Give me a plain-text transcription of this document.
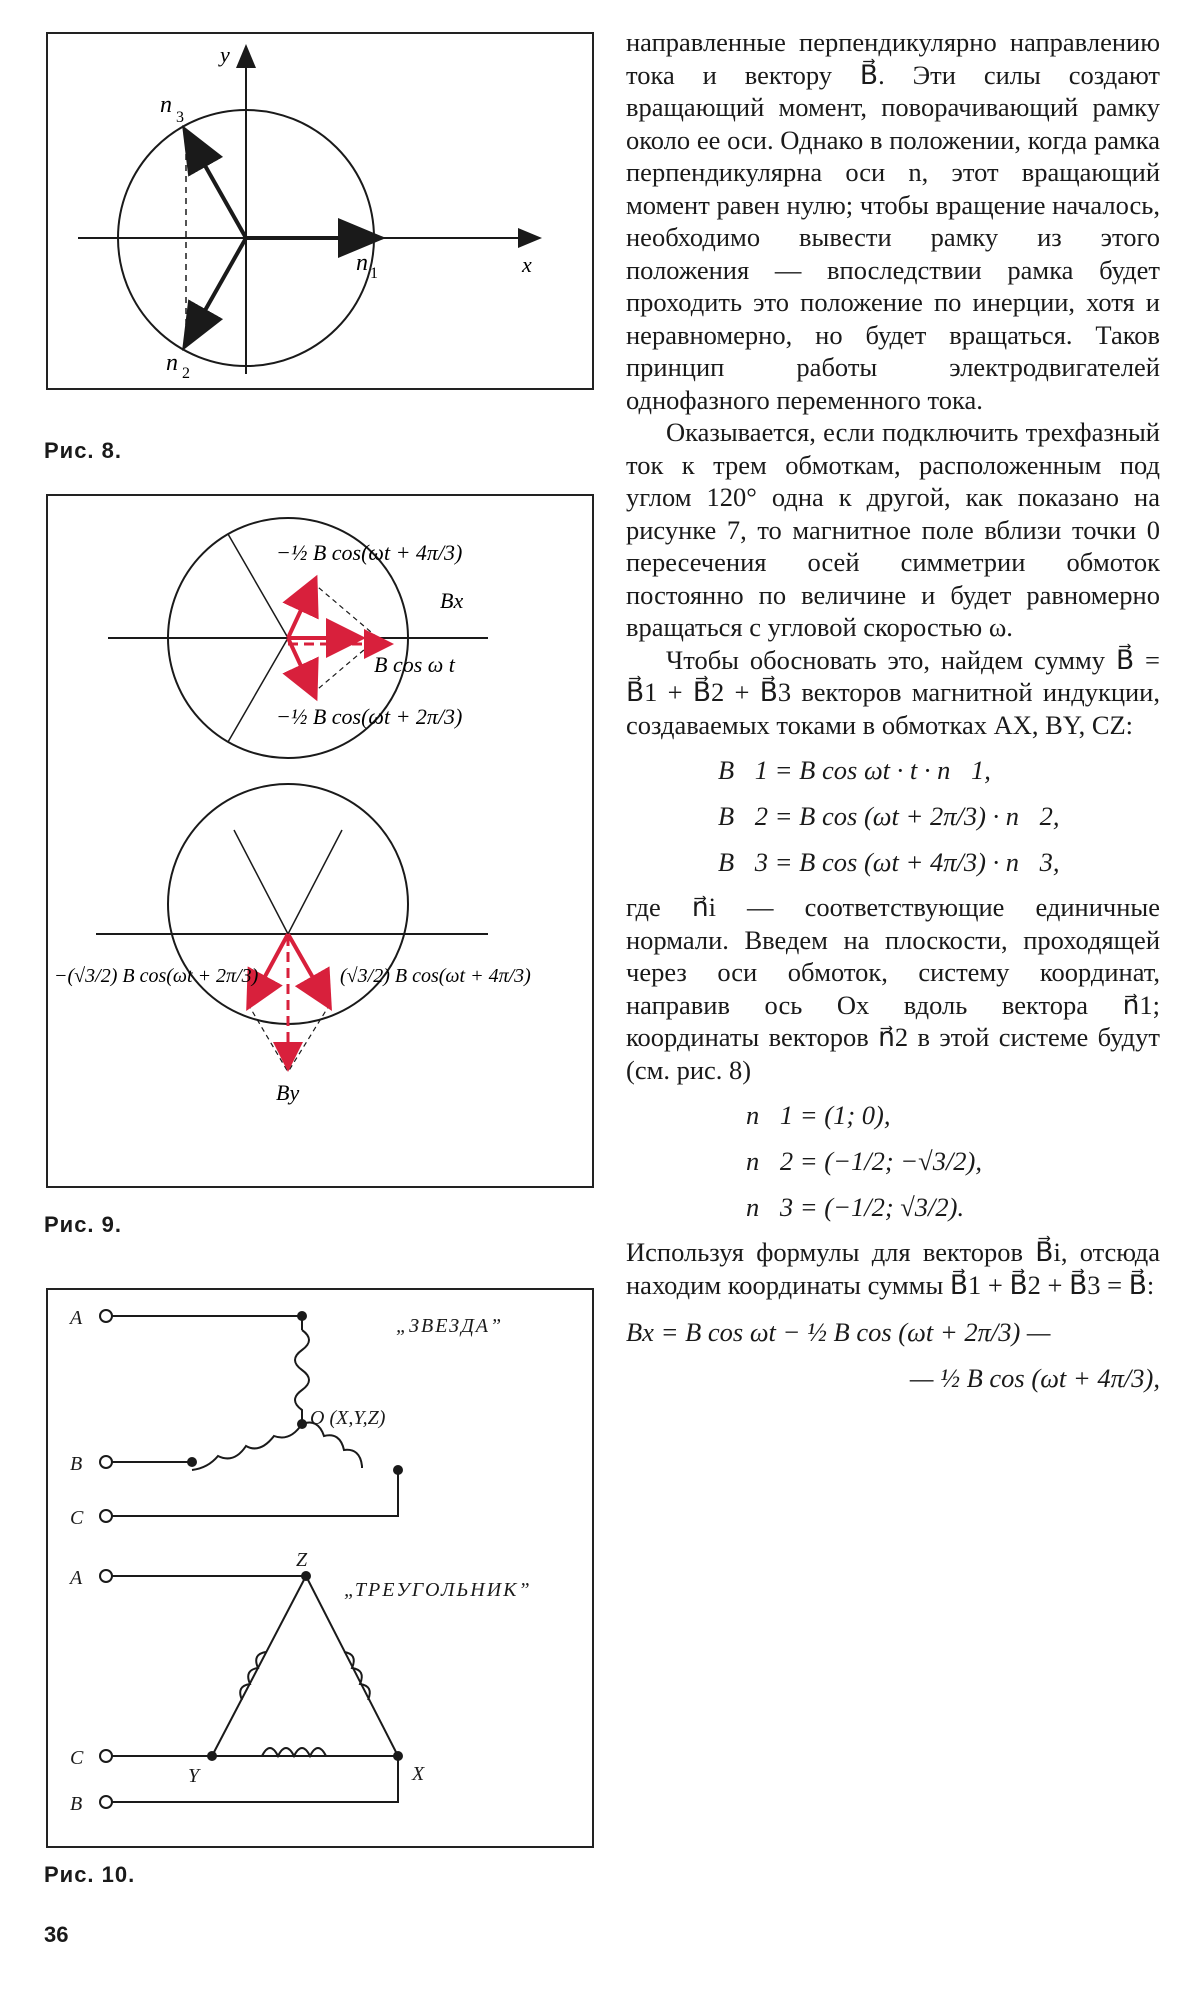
y
x
n 3
n 1
n 2
Рис. 8.
−½ B cos(ωt + 4π/3)
Bx
B cos ω t
−½ B cos(ωt + 2π/3)
−(√3/2) B cos(ωt + 2π/3)	(√3/2) B cos(ωt + 4π/3)
By
Рис. 9.
A
B
C
O (X,Y,Z)
„ЗВЕЗДА”
A
C
B
Z
Y	X
„ТРЕУГОЛЬНИК”
Рис. 10.
36

направленные перпендикулярно направлению тока и вектору B⃗. Эти силы создают вращающий момент, поворачивающий рамку около ее оси. Однако в положении, когда рамка перпендикулярна оси n, этот вращающий момент равен нулю; чтобы вращение началось, необходимо вывести рамку из этого положения — впоследствии рамка будет проходить это положение по инерции, хотя и неравномерно, но будет вращаться. Таков принцип работы электродвигателей однофазного переменного тока.

Оказывается, если подключить трехфазный ток к трем обмоткам, расположенным под углом 120° одна к другой, как показано на рисунке 7, то магнитное поле вблизи точки 0 пересечения осей симметрии обмоток постоянно по величине и будет равномерно вращаться с угловой скоростью ω.

Чтобы обосновать это, найдем сумму B⃗ = B⃗1 + B⃗2 + B⃗3 векторов магнитной индукции, создаваемых токами в обмотках AX, BY, CZ:

B⃗1 = B cos ωt · t · n⃗1,
B⃗2 = B cos (ωt + 2π/3) · n⃗2,
B⃗3 = B cos (ωt + 4π/3) · n⃗3,

где n⃗i — соответствующие единичные нормали. Введем на плоскости, проходящей через оси обмоток, систему координат, направив ось Ox вдоль вектора n⃗1; координаты векторов n⃗2 в этой системе будут (см. рис. 8)

n⃗1 = (1; 0),
n⃗2 = (−1/2; −√3/2),
n⃗3 = (−1/2; √3/2).

Используя формулы для векторов B⃗i, отсюда находим координаты суммы B⃗1 + B⃗2 + B⃗3 = B⃗:

Bx = B cos ωt − ½ B cos (ωt + 2π/3) —
— ½ B cos (ωt + 4π/3),
